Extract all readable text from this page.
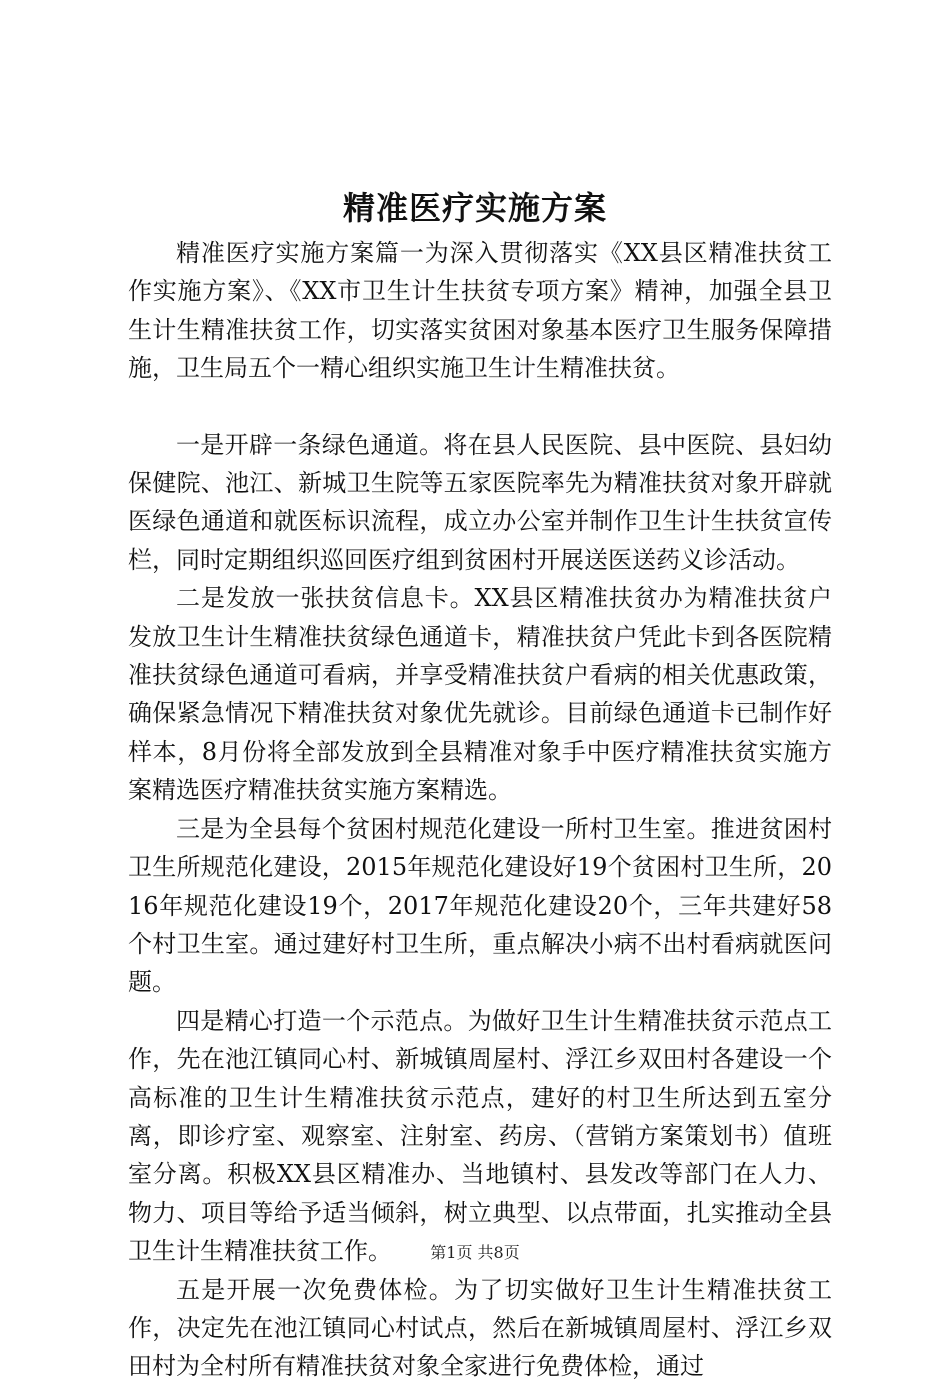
精准医疗实施方案

精准医疗实施方案篇一为深入贯彻落实《XX县区精准扶贫工作实施方案》、《XX市卫生计生扶贫专项方案》精神，加强全县卫生计生精准扶贫工作，切实落实贫困对象基本医疗卫生服务保障措施，卫生局五个一精心组织实施卫生计生精准扶贫。

一是开辟一条绿色通道。将在县人民医院、县中医院、县妇幼保健院、池江、新城卫生院等五家医院率先为精准扶贫对象开辟就医绿色通道和就医标识流程，成立办公室并制作卫生计生扶贫宣传栏，同时定期组织巡回医疗组到贫困村开展送医送药义诊活动。

二是发放一张扶贫信息卡。XX县区精准扶贫办为精准扶贫户发放卫生计生精准扶贫绿色通道卡，精准扶贫户凭此卡到各医院精准扶贫绿色通道可看病，并享受精准扶贫户看病的相关优惠政策，确保紧急情况下精准扶贫对象优先就诊。目前绿色通道卡已制作好样本，8月份将全部发放到全县精准对象手中医疗精准扶贫实施方案精选医疗精准扶贫实施方案精选。

三是为全县每个贫困村规范化建设一所村卫生室。推进贫困村卫生所规范化建设，2015年规范化建设好19个贫困村卫生所，2016年规范化建设19个，2017年规范化建设20个，三年共建好58个村卫生室。通过建好村卫生所，重点解决小病不出村看病就医问题。

四是精心打造一个示范点。为做好卫生计生精准扶贫示范点工作，先在池江镇同心村、新城镇周屋村、浮江乡双田村各建设一个高标准的卫生计生精准扶贫示范点，建好的村卫生所达到五室分离，即诊疗室、观察室、注射室、药房、（营销方案策划书）值班室分离。积极XX县区精准办、当地镇村、县发改等部门在人力、物力、项目等给予适当倾斜，树立典型、以点带面，扎实推动全县卫生计生精准扶贫工作。

五是开展一次免费体检。为了切实做好卫生计生精准扶贫工作，决定先在池江镇同心村试点，然后在新城镇周屋村、浮江乡双田村为全村所有精准扶贫对象全家进行免费体检，通过

第1页 共8页
